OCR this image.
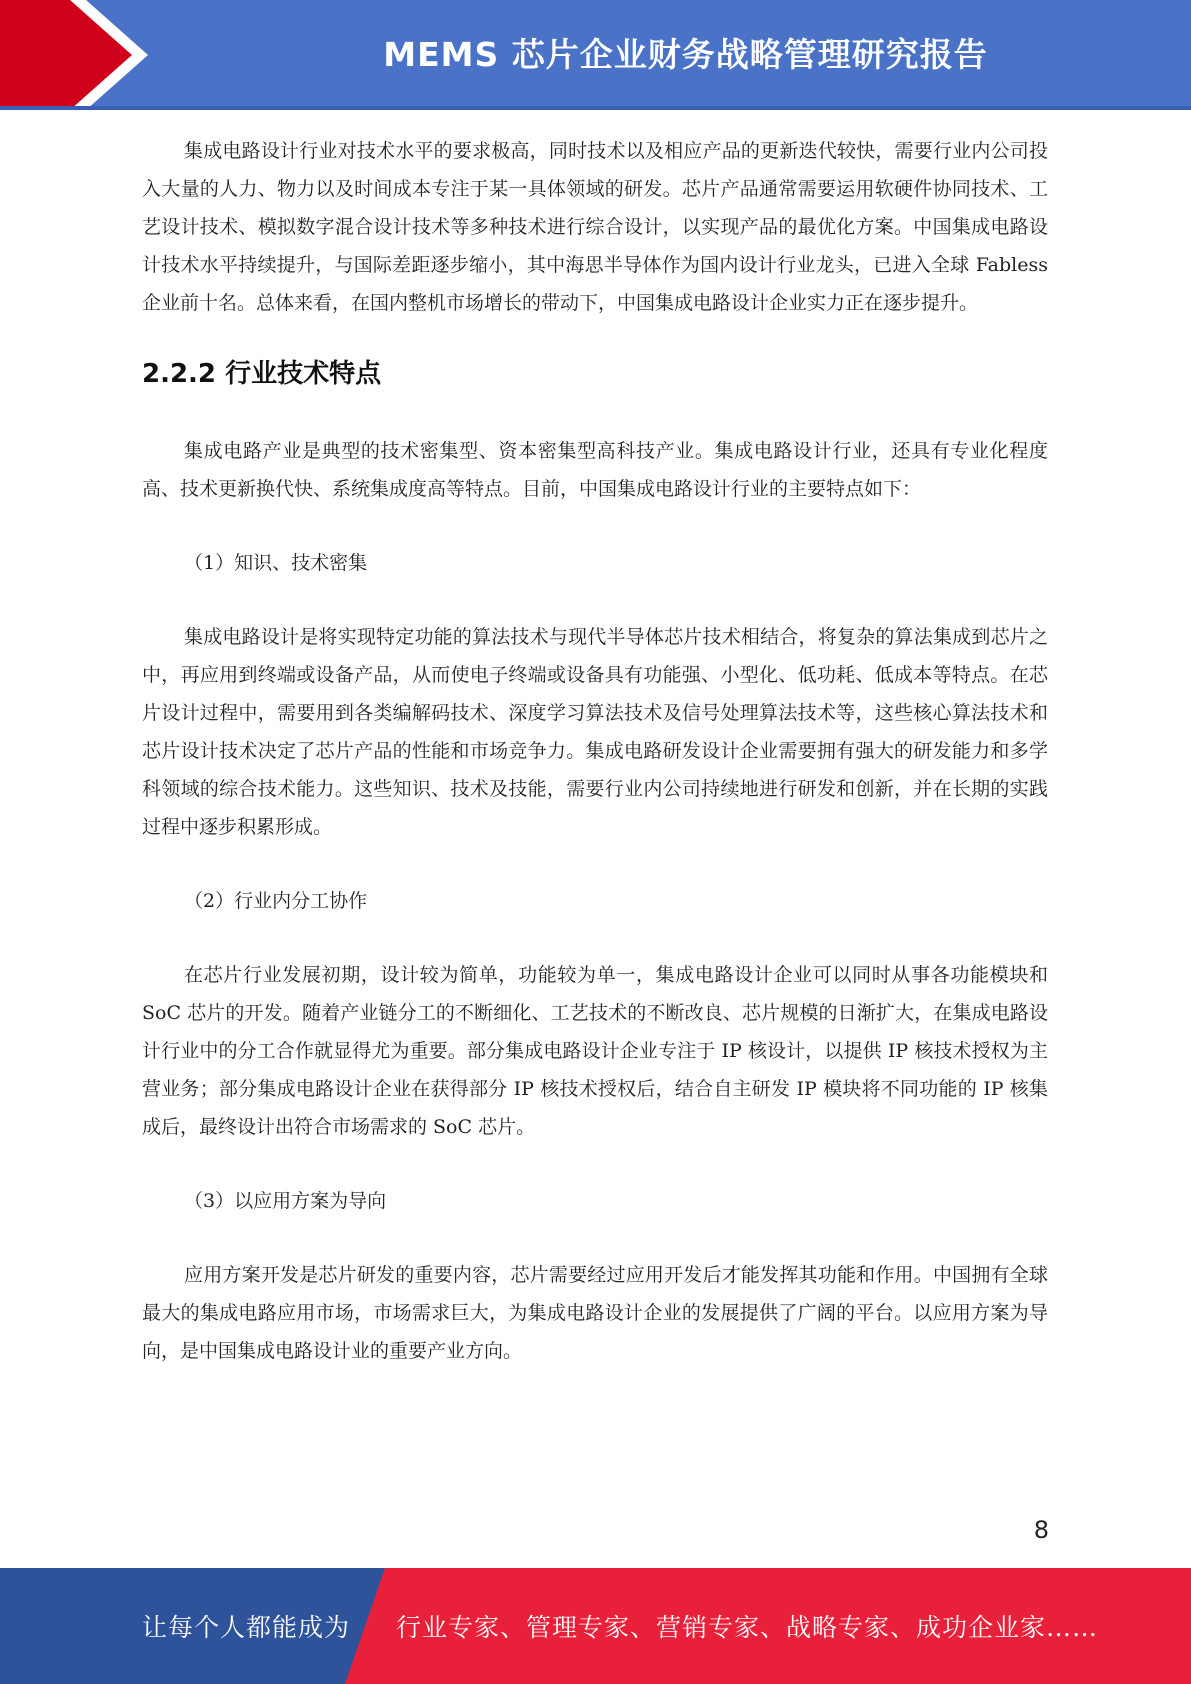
MEMS 芯片企业财务战略管理研究报告

集成电路设计行业对技术水平的要求极高，同时技术以及相应产品的更新迭代较快，需要行业内公司投入大量的人力、物力以及时间成本专注于某一具体领域的研发。芯片产品通常需要运用软硬件协同技术、工艺设计技术、模拟数字混合设计技术等多种技术进行综合设计，以实现产品的最优化方案。中国集成电路设计技术水平持续提升，与国际差距逐步缩小，其中海思半导体作为国内设计行业龙头，已进入全球 Fabless 企业前十名。总体来看，在国内整机市场增长的带动下，中国集成电路设计企业实力正在逐步提升。

2.2.2 行业技术特点

集成电路产业是典型的技术密集型、资本密集型高科技产业。集成电路设计行业，还具有专业化程度高、技术更新换代快、系统集成度高等特点。目前，中国集成电路设计行业的主要特点如下：

（1）知识、技术密集

集成电路设计是将实现特定功能的算法技术与现代半导体芯片技术相结合，将复杂的算法集成到芯片之中，再应用到终端或设备产品，从而使电子终端或设备具有功能强、小型化、低功耗、低成本等特点。在芯片设计过程中，需要用到各类编解码技术、深度学习算法技术及信号处理算法技术等，这些核心算法技术和芯片设计技术决定了芯片产品的性能和市场竞争力。集成电路研发设计企业需要拥有强大的研发能力和多学科领域的综合技术能力。这些知识、技术及技能，需要行业内公司持续地进行研发和创新，并在长期的实践过程中逐步积累形成。

（2）行业内分工协作

在芯片行业发展初期，设计较为简单，功能较为单一，集成电路设计企业可以同时从事各功能模块和 SoC 芯片的开发。随着产业链分工的不断细化、工艺技术的不断改良、芯片规模的日渐扩大，在集成电路设计行业中的分工合作就显得尤为重要。部分集成电路设计企业专注于 IP 核设计，以提供 IP 核技术授权为主营业务；部分集成电路设计企业在获得部分 IP 核技术授权后，结合自主研发 IP 模块将不同功能的 IP 核集成后，最终设计出符合市场需求的 SoC 芯片。

（3）以应用方案为导向

应用方案开发是芯片研发的重要内容，芯片需要经过应用开发后才能发挥其功能和作用。中国拥有全球最大的集成电路应用市场，市场需求巨大，为集成电路设计企业的发展提供了广阔的平台。以应用方案为导向，是中国集成电路设计业的重要产业方向。

8
让每个人都能成为 行业专家、管理专家、营销专家、战略专家、成功企业家……
